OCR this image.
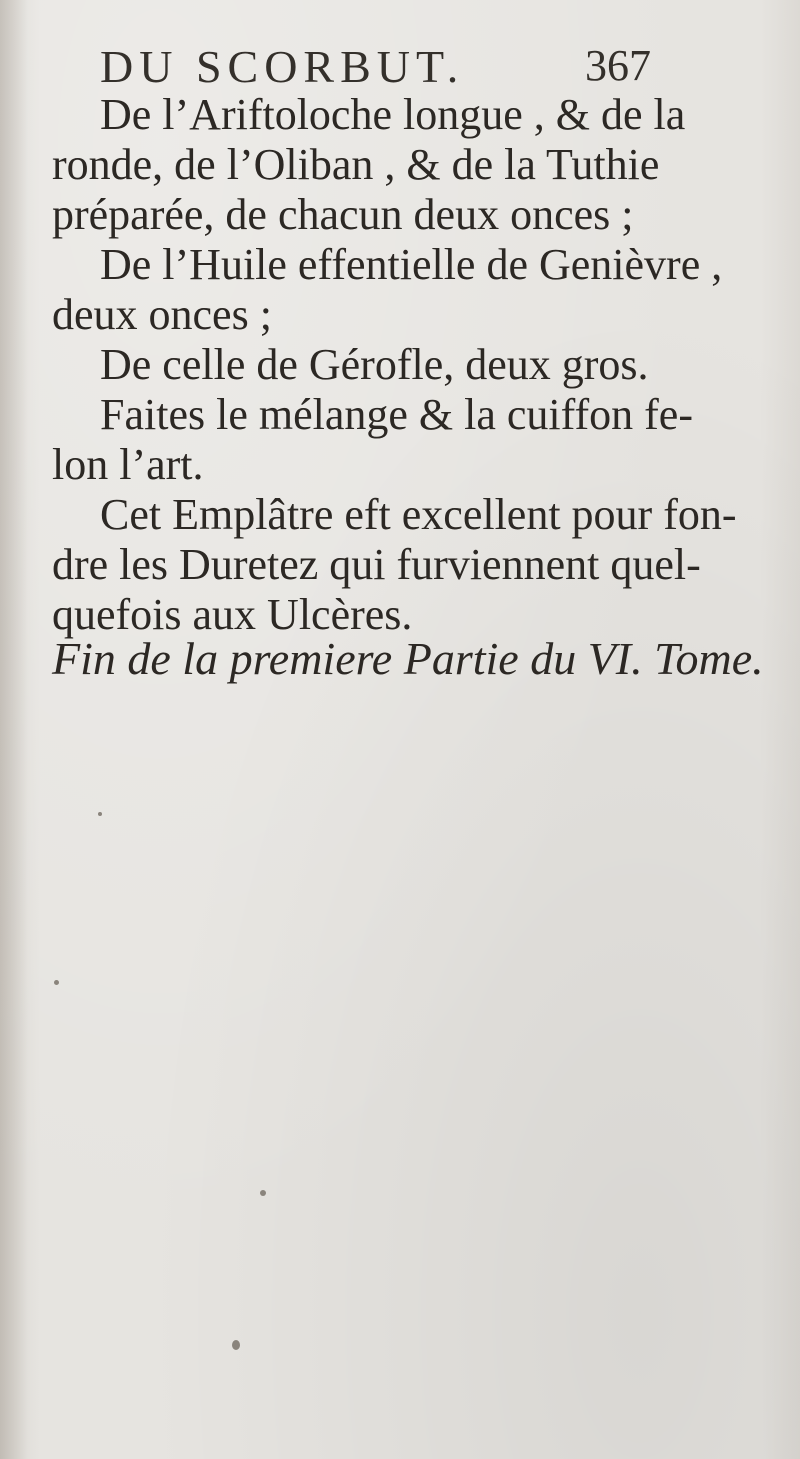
DU SCORBUT.	367
De l’Ariftoloche longue , & de la
ronde, de l’Oliban , & de la Tuthie
préparée, de chacun deux onces ;
De l’Huile effentielle de Genièvre ,
deux onces ;
De celle de Gérofle, deux gros.
Faites le mélange & la cuiffon fe-
lon l’art.
Cet Emplâtre eft excellent pour fon-
dre les Duretez qui furviennent quel-
quefois aux Ulcères.
Fin de la premiere Partie du VI. Tome.
